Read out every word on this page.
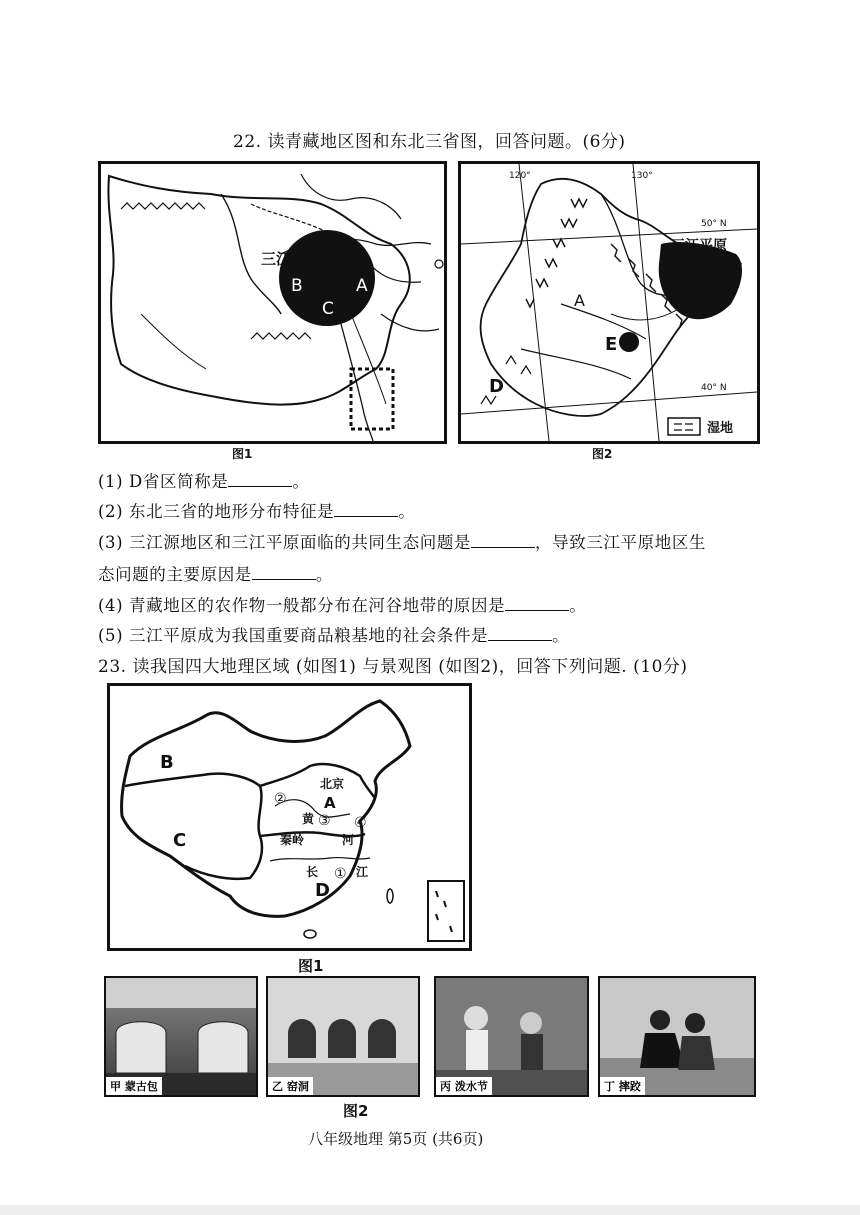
22. 读青藏地区图和东北三省图，回答问题。(6分)
三江
B	A
C
图1
120°	130°
50° N
40° N
三江平原
A
E
D
湿地
图2
(1) D省区简称是	。
(2) 东北三省的地形分布特征是	。
(3) 三江源地区和三江平原面临的共同生态问题是	，导致三江平原地区生
态问题的主要原因是	。
(4) 青藏地区的农作物一般都分布在河谷地带的原因是	。
(5) 三江平原成为我国重要商品粮基地的社会条件是	。
23. 读我国四大地理区域 (如图1) 与景观图 (如图2)，回答下列问题. (10分)
B
C
A
D
北京
黄
河
秦岭
长	江
②
③ ④
①
图1
甲 蒙古包	乙 窑洞	丙 泼水节	丁 摔跤
图2
八年级地理 第5页 (共6页)
